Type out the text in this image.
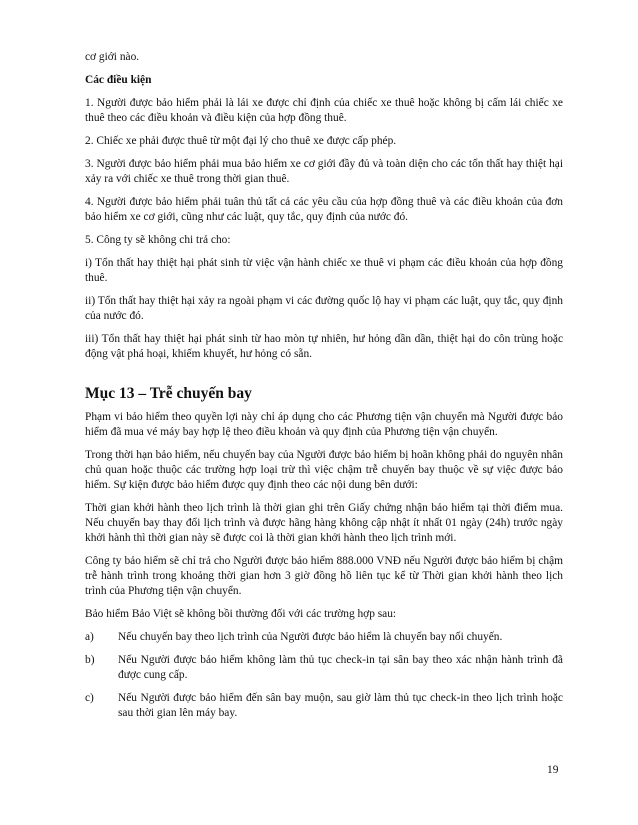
cơ giới nào.

Các điều kiện

1. Người được bảo hiểm phải là lái xe được chỉ định của chiếc xe thuê hoặc không bị cấm lái chiếc xe thuê theo các điều khoản và điều kiện của hợp đồng thuê.

2. Chiếc xe phải được thuê từ một đại lý cho thuê xe được cấp phép.

3. Người được bảo hiểm phải mua bảo hiểm xe cơ giới đầy đủ và toàn diện cho các tổn thất hay thiệt hại xảy ra với chiếc xe thuê trong thời gian thuê.

4. Người được bảo hiểm phải tuân thủ tất cả các yêu cầu của hợp đồng thuê và các điều khoản của đơn bảo hiểm xe cơ giới, cũng như các luật, quy tắc, quy định của nước đó.

5. Công ty sẽ không chi trả cho:

i) Tổn thất hay thiệt hại phát sinh từ việc vận hành chiếc xe thuê vi phạm các điều khoản của hợp đồng thuê.

ii) Tổn thất hay thiệt hại xảy ra ngoài phạm vi các đường quốc lộ hay vi phạm các luật, quy tắc, quy định của nước đó.

iii) Tổn thất hay thiệt hại phát sinh từ hao mòn tự nhiên, hư hỏng dần dần, thiệt hại do côn trùng hoặc động vật phá hoại, khiếm khuyết, hư hỏng có sẵn.

Mục 13 – Trễ chuyến bay

Phạm vi bảo hiểm theo quyền lợi này chỉ áp dụng cho các Phương tiện vận chuyển mà Người được bảo hiểm đã mua vé máy bay hợp lệ theo điều khoản và quy định của Phương tiện vận chuyển.

Trong thời hạn bảo hiểm, nếu chuyến bay của Người được bảo hiểm bị hoãn không phải do nguyên nhân chủ quan hoặc thuộc các trường hợp loại trừ thì việc chậm trễ chuyến bay thuộc về sự việc được bảo hiểm. Sự kiện được bảo hiểm được quy định theo các nội dung bên dưới:

Thời gian khởi hành theo lịch trình là thời gian ghi trên Giấy chứng nhận bảo hiểm tại thời điểm mua. Nếu chuyến bay thay đổi lịch trình và được hãng hàng không cập nhật ít nhất 01 ngày (24h) trước ngày khởi hành thì thời gian này sẽ được coi là thời gian khởi hành theo lịch trình mới.

Công ty bảo hiểm sẽ chỉ trả cho Người được bảo hiểm 888.000 VNĐ nếu Người được bảo hiểm bị chậm trễ hành trình trong khoảng thời gian hơn 3 giờ đồng hồ liên tục kể từ Thời gian khởi hành theo lịch trình của Phương tiện vận chuyển.

Bảo hiểm Bảo Việt sẽ không bồi thường đối với các trường hợp sau:

a)	Nếu chuyến bay theo lịch trình của Người được bảo hiểm là chuyến bay nối chuyến.
b)	Nếu Người được bảo hiểm không làm thủ tục check-in tại sân bay theo xác nhận hành trình đã được cung cấp.
c)	Nếu Người được bảo hiểm đến sân bay muộn, sau giờ làm thủ tục check-in theo lịch trình hoặc sau thời gian lên máy bay.
19
